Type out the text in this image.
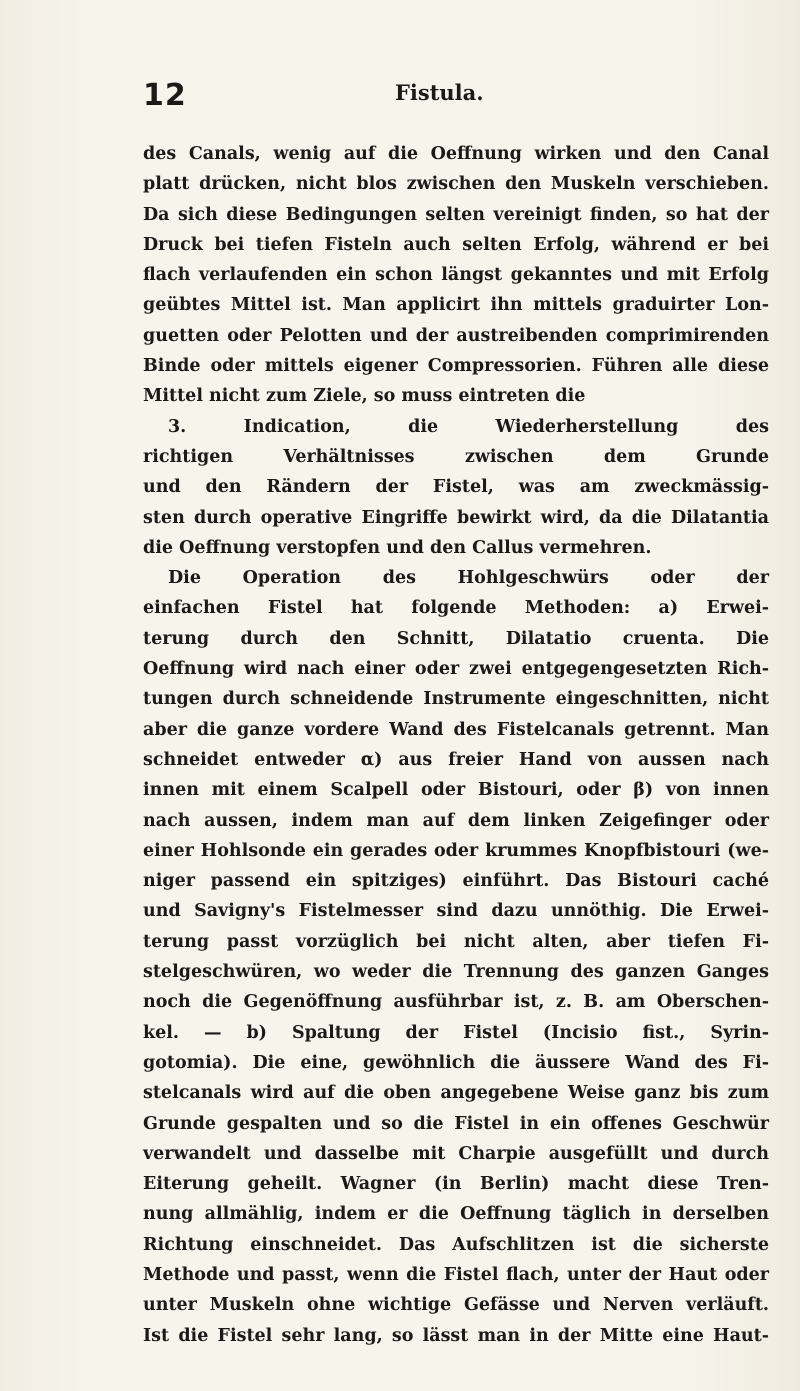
12	Fistula.
des Canals, wenig auf die Oeffnung wirken und den Canal
platt drücken, nicht blos zwischen den Muskeln verschieben.
Da sich diese Bedingungen selten vereinigt finden, so hat der
Druck bei tiefen Fisteln auch selten Erfolg, während er bei
flach verlaufenden ein schon längst gekanntes und mit Erfolg
geübtes Mittel ist. Man applicirt ihn mittels graduirter Lon-
guetten oder Pelotten und der austreibenden comprimirenden
Binde oder mittels eigener Compressorien. Führen alle diese
Mittel nicht zum Ziele, so muss eintreten die
3. Indication, die Wiederherstellung des
richtigen Verhältnisses zwischen dem Grunde
und den Rändern der Fistel, was am zweckmässig-
sten durch operative Eingriffe bewirkt wird, da die Dilatantia
die Oeffnung verstopfen und den Callus vermehren.
Die Operation des Hohlgeschwürs oder der
einfachen Fistel hat folgende Methoden: a) Erwei-
terung durch den Schnitt, Dilatatio cruenta. Die
Oeffnung wird nach einer oder zwei entgegengesetzten Rich-
tungen durch schneidende Instrumente eingeschnitten, nicht
aber die ganze vordere Wand des Fistelcanals getrennt. Man
schneidet entweder α) aus freier Hand von aussen nach
innen mit einem Scalpell oder Bistouri, oder β) von innen
nach aussen, indem man auf dem linken Zeigefinger oder
einer Hohlsonde ein gerades oder krummes Knopfbistouri (we-
niger passend ein spitziges) einführt. Das Bistouri caché
und Savigny's Fistelmesser sind dazu unnöthig. Die Erwei-
terung passt vorzüglich bei nicht alten, aber tiefen Fi-
stelgeschwüren, wo weder die Trennung des ganzen Ganges
noch die Gegenöffnung ausführbar ist, z. B. am Oberschen-
kel. — b) Spaltung der Fistel (Incisio fist., Syrin-
gotomia). Die eine, gewöhnlich die äussere Wand des Fi-
stelcanals wird auf die oben angegebene Weise ganz bis zum
Grunde gespalten und so die Fistel in ein offenes Geschwür
verwandelt und dasselbe mit Charpie ausgefüllt und durch
Eiterung geheilt. Wagner (in Berlin) macht diese Tren-
nung allmählig, indem er die Oeffnung täglich in derselben
Richtung einschneidet. Das Aufschlitzen ist die sicherste
Methode und passt, wenn die Fistel flach, unter der Haut oder
unter Muskeln ohne wichtige Gefässe und Nerven verläuft.
Ist die Fistel sehr lang, so lässt man in der Mitte eine Haut-
